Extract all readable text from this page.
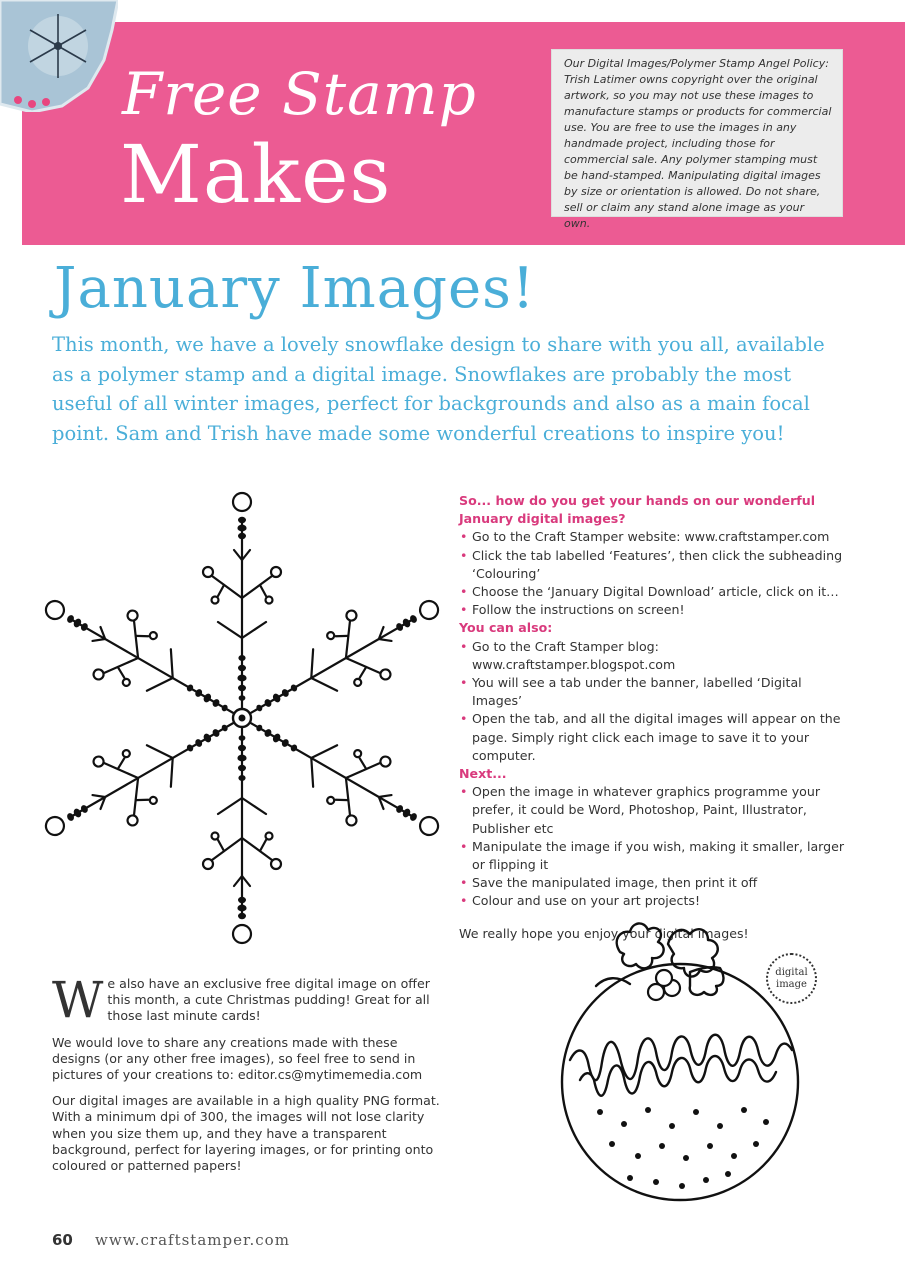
Free Stamp
Makes
Our Digital Images/Polymer Stamp Angel Policy: Trish Latimer owns copyright over the original artwork, so you may not use these images to manufacture stamps or products for commercial use. You are free to use the images in any handmade project, including those for commercial sale. Any polymer stamping must be hand-stamped. Manipulating digital images by size or orientation is allowed. Do not share, sell or claim any stand alone image as your own.
January Images!
This month, we have a lovely snowflake design to share with you all, available as a polymer stamp and a digital image. Snowflakes are probably the most useful of all winter images, perfect for backgrounds and also as a main focal point. Sam and Trish have made some wonderful creations to inspire you!
So... how do you get your hands on our wonderful January digital images?
• Go to the Craft Stamper website: www.craftstamper.com
• Click the tab labelled ‘Features’, then click the subheading ‘Colouring’
• Choose the ‘January Digital Download’ article, click on it…
• Follow the instructions on screen!
You can also:
• Go to the Craft Stamper blog: www.craftstamper.blogspot.com
• You will see a tab under the banner, labelled ‘Digital Images’
• Open the tab, and all the digital images will appear on the page. Simply right click each image to save it to your computer.
Next...
• Open the image in whatever graphics programme your prefer, it could be Word, Photoshop, Paint, Illustrator, Publisher etc
• Manipulate the image if you wish, making it smaller, larger or flipping it
• Save the manipulated image, then print it off
• Colour and use on your art projects!
We really hope you enjoy your digital images!

We also have an exclusive free digital image on offer this month, a cute Christmas pudding! Great for all those last minute cards!

We would love to share any creations made with these designs (or any other free images), so feel free to send in pictures of your creations to: editor.cs@mytimemedia.com

Our digital images are available in a high quality PNG format. With a minimum dpi of 300, the images will not lose clarity when you size them up, and they have a transparent background, perfect for layering images, or for printing onto coloured or patterned papers!

digital
image
60 www.craftstamper.com
